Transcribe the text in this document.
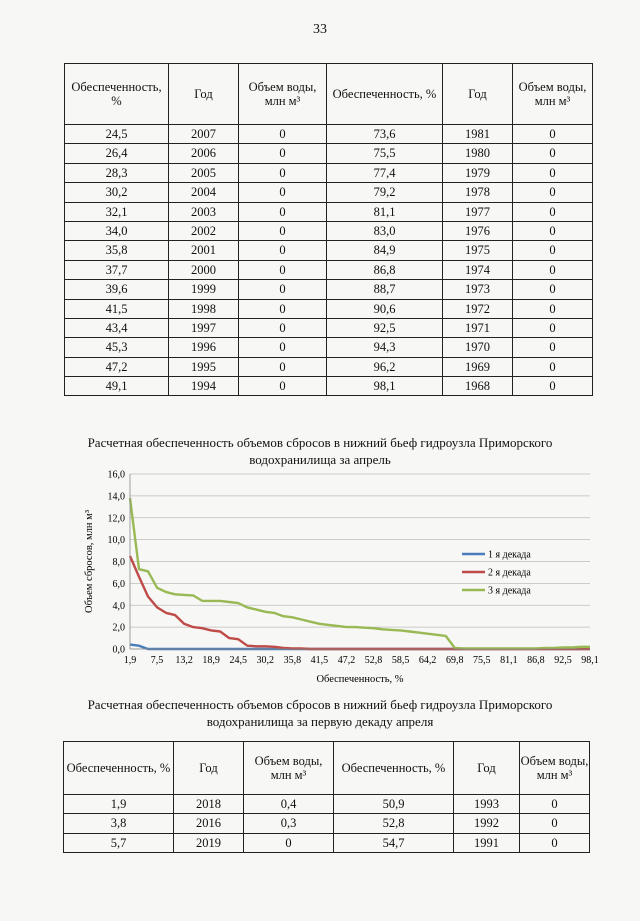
33
Обеспеченность, %	Год	Объем воды, млн м³	Обеспеченность, %	Год	Объем воды, млн м³
24,5	2007	0	73,6	1981	0
26,4	2006	0	75,5	1980	0
28,3	2005	0	77,4	1979	0
30,2	2004	0	79,2	1978	0
32,1	2003	0	81,1	1977	0
34,0	2002	0	83,0	1976	0
35,8	2001	0	84,9	1975	0
37,7	2000	0	86,8	1974	0
39,6	1999	0	88,7	1973	0
41,5	1998	0	90,6	1972	0
43,4	1997	0	92,5	1971	0
45,3	1996	0	94,3	1970	0
47,2	1995	0	96,2	1969	0
49,1	1994	0	98,1	1968	0
Расчетная обеспеченность объемов сбросов в нижний бьеф гидроузла Приморского
водохранилища за апрель
0,0
2,0
4,0
6,0
8,0
10,0
12,0
14,0
16,0
1,9 7,5 13,2 18,9 24,5 30,2 35,8 41,5 47,2 52,8 58,5 64,2 69,8 75,5 81,1 86,8 92,5 98,1
Обеспеченность, %
Объем сбросов, млн м³	1 я декада
2 я декада
3 я декада
Расчетная обеспеченность объемов сбросов в нижний бьеф гидроузла Приморского
водохранилища за первую декаду апреля
Обеспеченность, %	Год	Объем воды, млн м³	Обеспеченность, %	Год	Объем воды, млн м³
1,9	2018	0,4	50,9	1993	0
3,8	2016	0,3	52,8	1992	0
5,7	2019	0	54,7	1991	0
